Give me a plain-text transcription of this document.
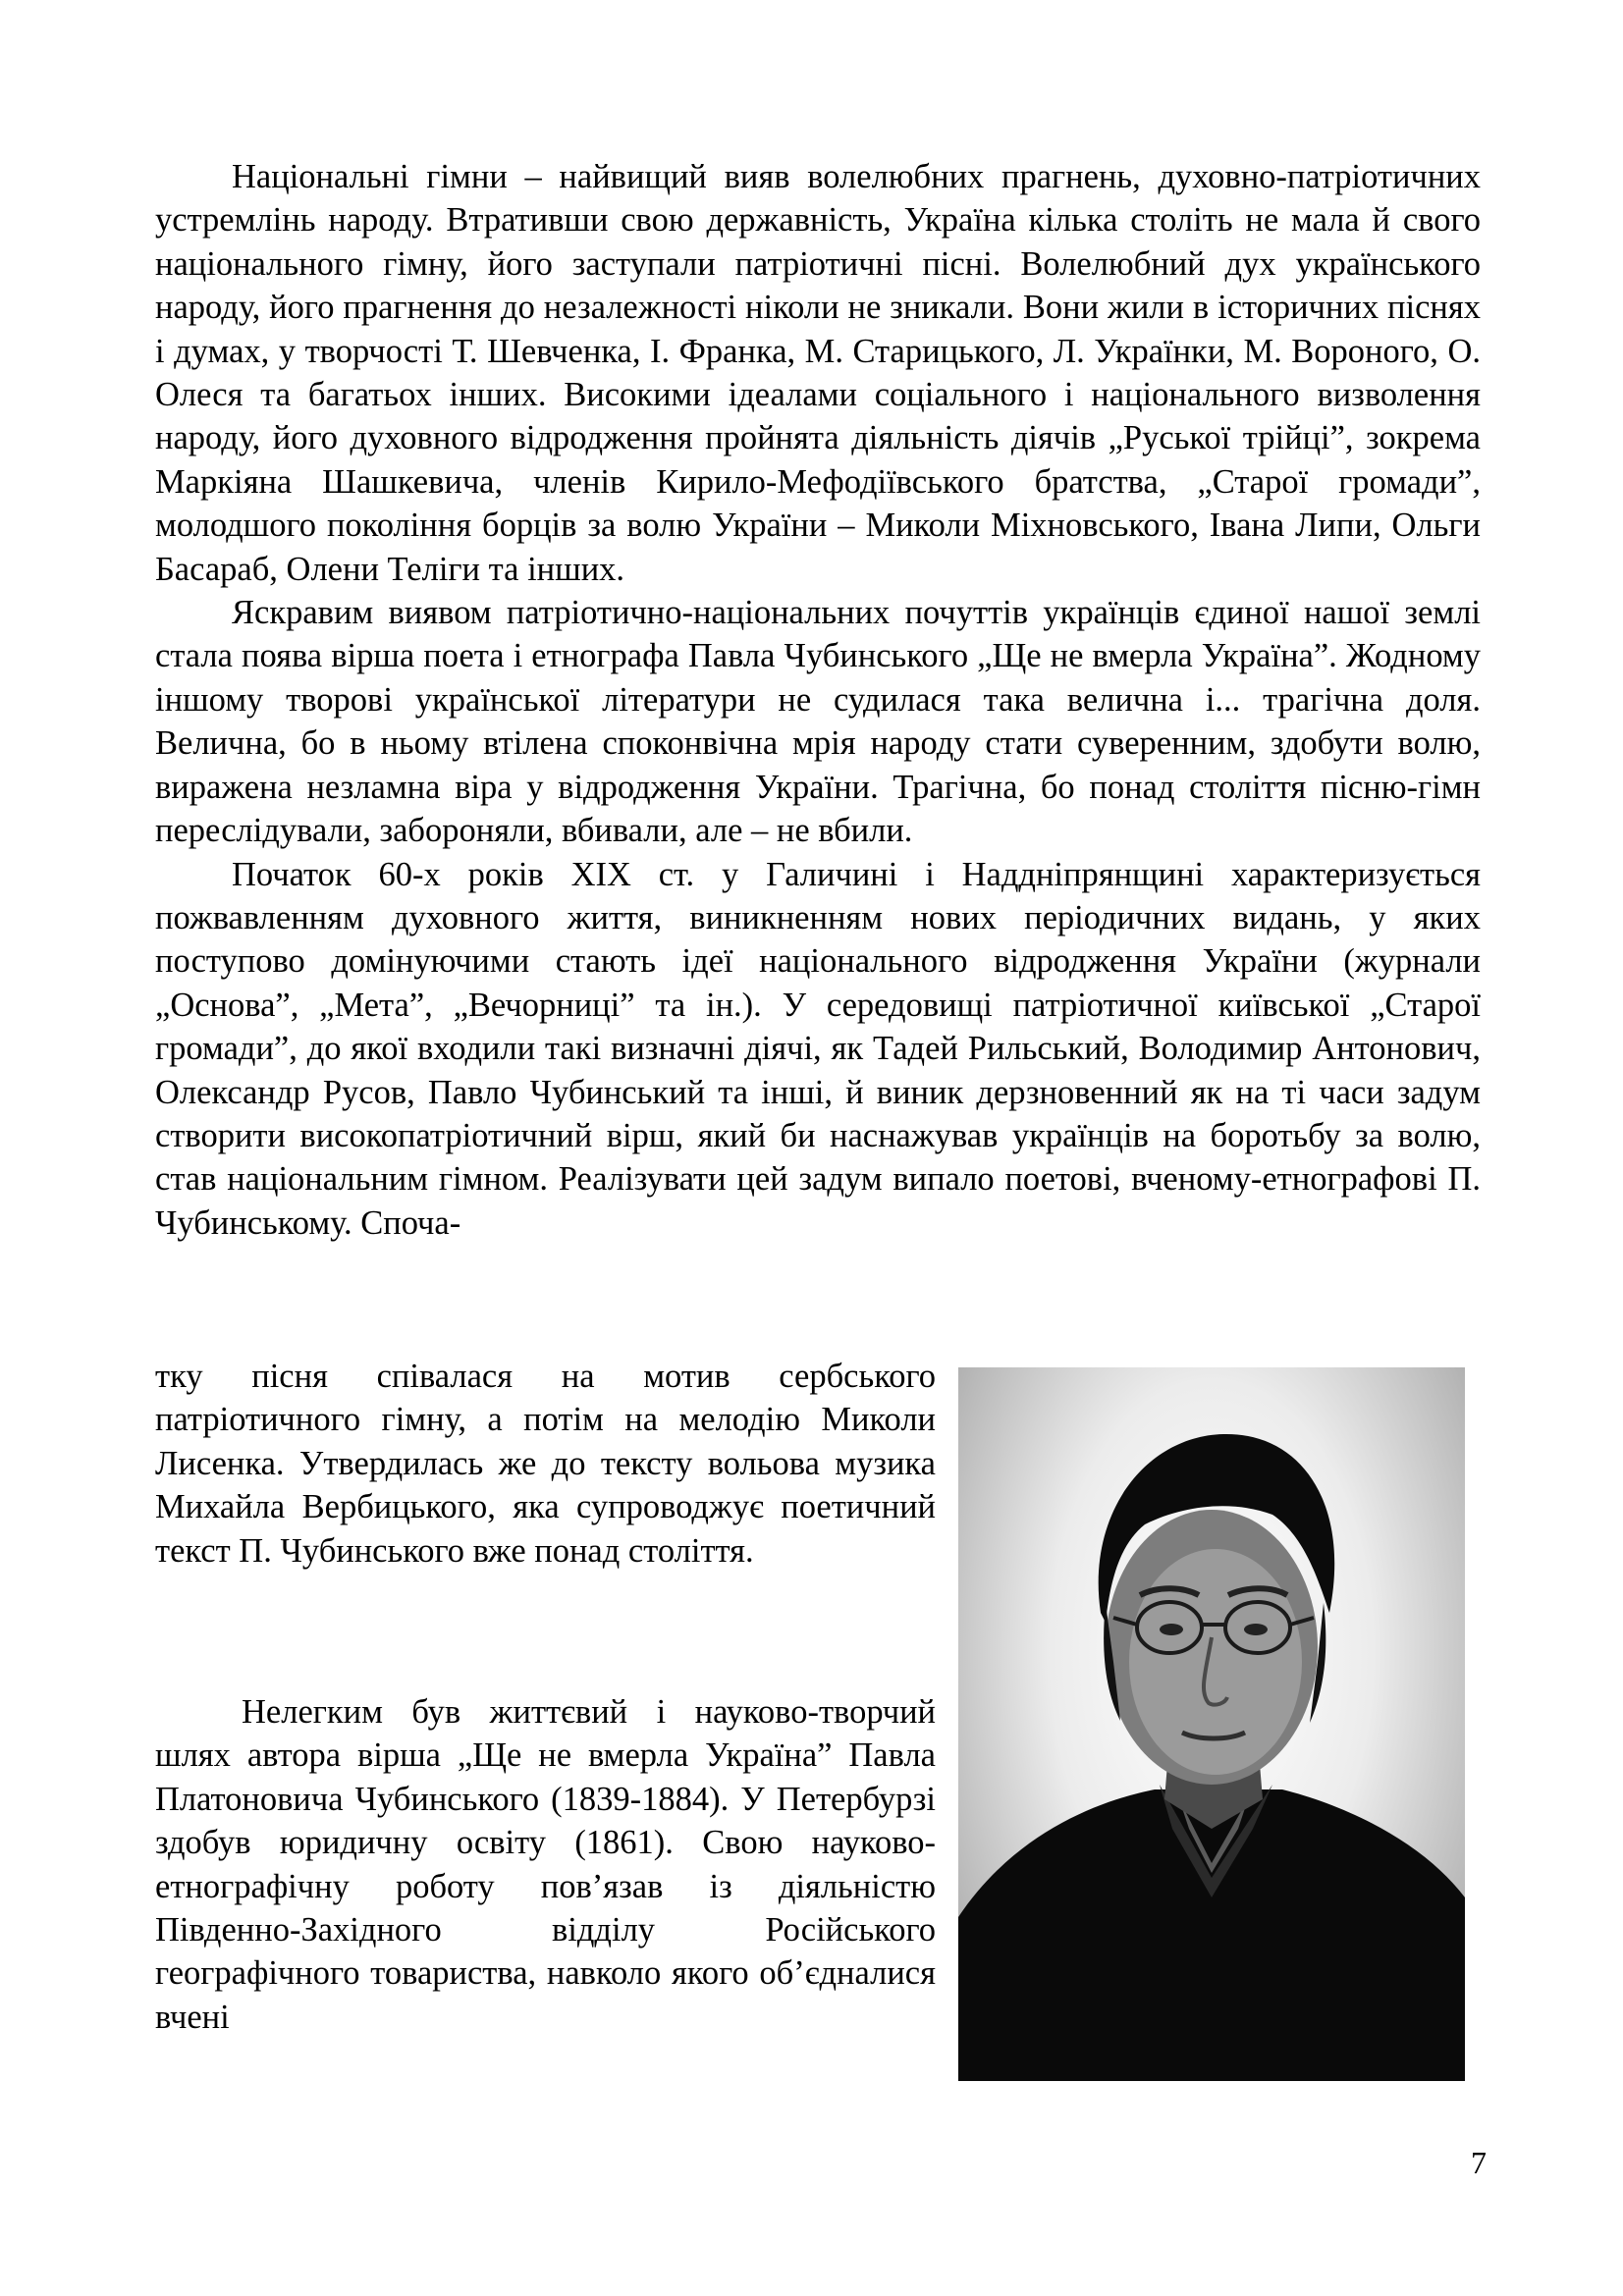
Національні гімни – найвищий вияв волелюбних прагнень, духовно-патріотичних устремлінь народу. Втративши свою державність, Україна кілька століть не мала й свого національного гімну, його заступали патріотичні пісні. Волелюбний дух українського народу, його прагнення до незалежності ніколи не зникали. Вони жили в історичних піснях і думах, у творчості Т. Шевченка, І. Франка, М. Старицького, Л. Українки, М. Вороного, О. Олеся та багатьох інших. Високими ідеалами соціального і національного визволення народу, його духовного відродження пройнята діяльність діячів „Руської трійці”, зокрема Маркіяна Шашкевича, членів Кирило-Мефодіївського братства, „Старої громади”, молодшого покоління борців за волю України – Миколи Міхновського, Івана Липи, Ольги Басараб, Олени Теліги та інших.

Яскравим виявом патріотично-національних почуттів українців єдиної нашої землі стала поява вірша поета і етнографа Павла Чубинського „Ще не вмерла Україна”. Жодному іншому творові української літератури не судилася така велична і... трагічна доля. Велична, бо в ньому втілена споконвічна мрія народу стати суверенним, здобути волю, виражена незламна віра у відродження України. Трагічна, бо понад століття пісню-гімн переслідували, забороняли, вбивали, але – не вбили.

Початок 60-х років XIX ст. у Галичині і Наддніпрянщині характеризується пожвавленням духовного життя, виникненням нових періодичних видань, у яких поступово домінуючими стають ідеї національного відродження України (журнали „Основа”, „Мета”, „Вечорниці” та ін.). У середовищі патріотичної київської „Старої громади”, до якої входили такі визначні діячі, як Тадей Рильський, Володимир Антонович, Олександр Русов, Павло Чубинський та інші, й виник дерзновенний як на ті часи задум створити високопатріотичний вірш, який би наснажував українців на боротьбу за волю, став національним гімном. Реалізувати цей задум випало поетові, вченому-етнографові П. Чубинському. Споча-

тку пісня співалася на мотив сербського патріотичного гімну, а потім на мелодію Миколи Лисенка. Утвердилась же до тексту вольова музика Михайла Вербицького, яка супроводжує поетичний текст П. Чубинського вже понад століття.

Нелегким був життєвий і науково-творчий шлях автора вірша „Ще не вмерла Україна” Павла Платоновича Чубинського (1839-1884). У Петербурзі здобув юридичну освіту (1861). Свою науково-етнографічну роботу пов’язав із діяльністю Південно-Західного відділу Російського географічного товариства, навколо якого об’єдналися вчені

7
